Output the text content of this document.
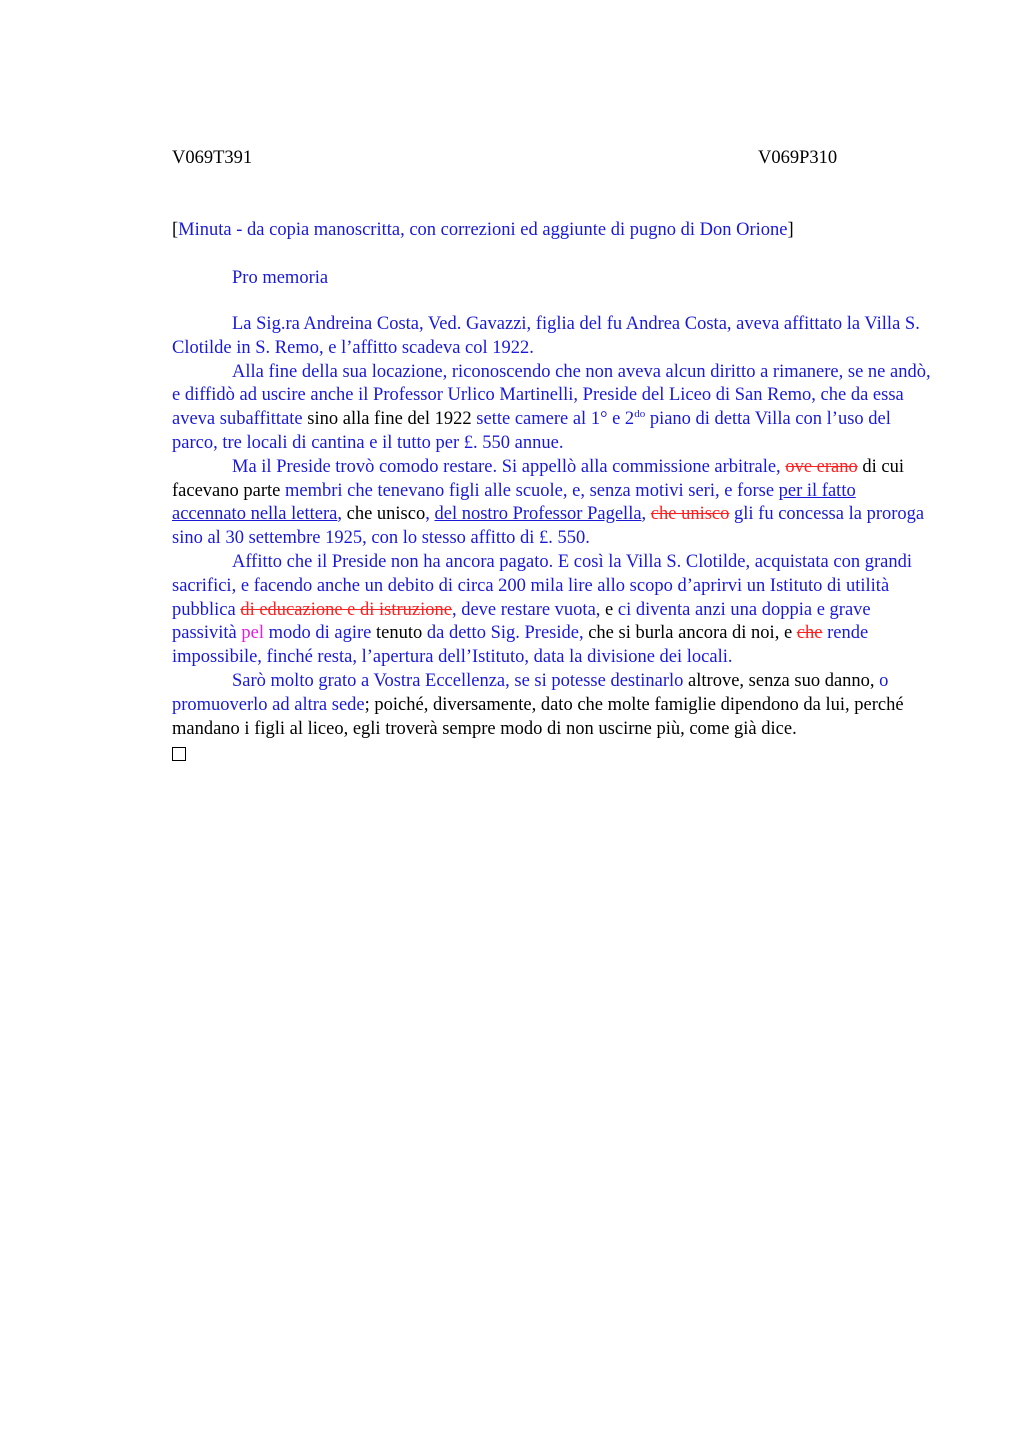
V069T391	V069P310
[Minuta - da copia manoscritta, con correzioni ed aggiunte di pugno di Don Orione]
Pro memoria

La Sig.ra Andreina Costa, Ved. Gavazzi, figlia del fu Andrea Costa, aveva affittato la Villa S. Clotilde in S. Remo, e l’affitto scadeva col 1922.

Alla fine della sua locazione, riconoscendo che non aveva alcun diritto a rimanere, se ne andò, e diffidò ad uscire anche il Professor Urlico Martinelli, Preside del Liceo di San Remo, che da essa aveva subaffittate sino alla fine del 1922 sette camere al 1° e $2^{do}$ piano di detta Villa con l’uso del parco, tre locali di cantina e il tutto per £. 550 annue.

Ma il Preside trovò comodo restare. Si appellò alla commissione arbitrale, ove erano di cui facevano parte membri che tenevano figli alle scuole, e, senza motivi seri, e forse per il fatto accennato nella lettera, che unisco, del nostro Professor Pagella, che unisco gli fu concessa la proroga sino al 30 settembre 1925, con lo stesso affitto di £. 550.

Affitto che il Preside non ha ancora pagato. E così la Villa S. Clotilde, acquistata con grandi sacrifici, e facendo anche un debito di circa 200 mila lire allo scopo d’aprirvi un Istituto di utilità pubblica di educazione e di istruzione, deve restare vuota, e ci diventa anzi una doppia e grave passività pel modo di agire tenuto da detto Sig. Preside, che si burla ancora di noi, e che rende impossibile, finché resta, l’apertura dell’Istituto, data la divisione dei locali.

Sarò molto grato a Vostra Eccellenza, se si potesse destinarlo altrove, senza suo danno, o promuoverlo ad altra sede; poiché, diversamente, dato che molte famiglie dipendono da lui, perché mandano i figli al liceo, egli troverà sempre modo di non uscirne più, come già dice.
